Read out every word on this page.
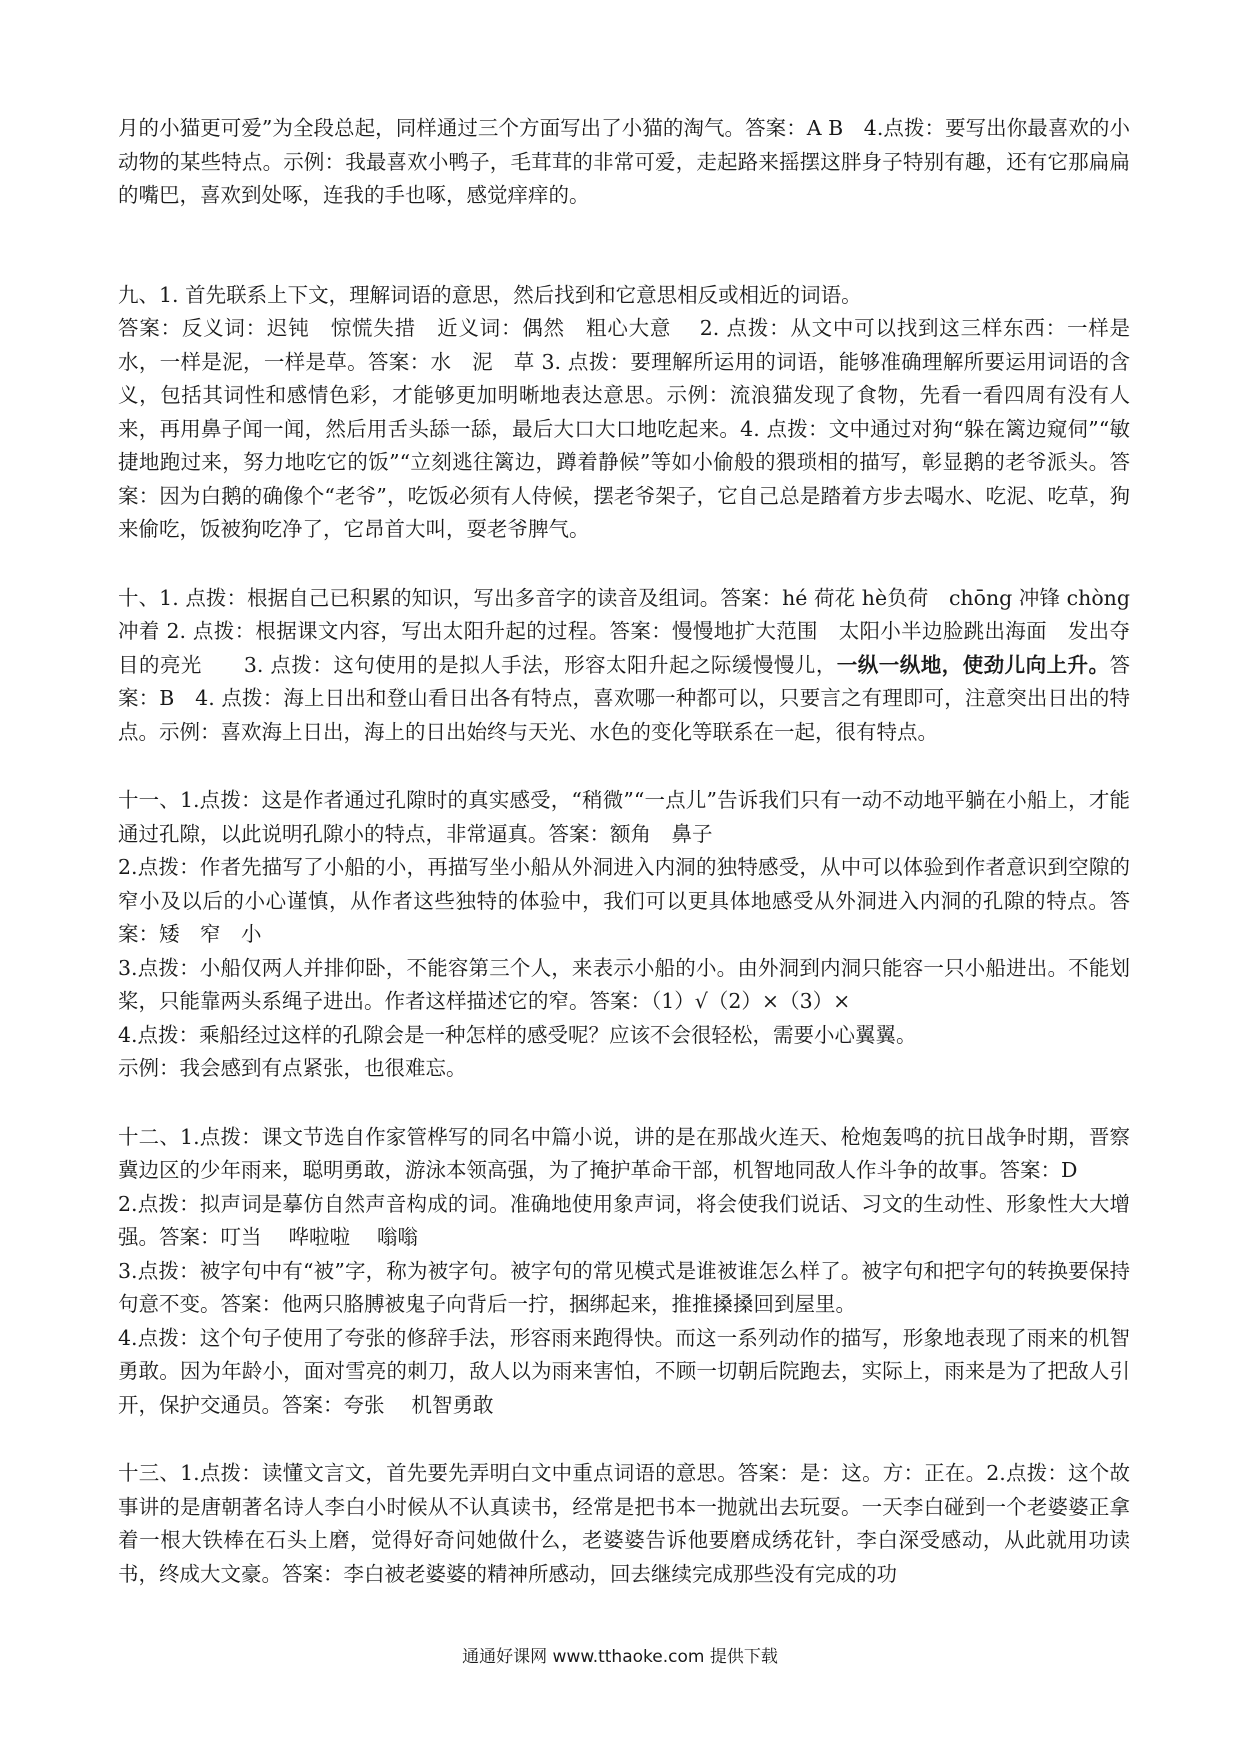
月的小猫更可爱”为全段总起，同样通过三个方面写出了小猫的淘气。答案：A B　4.点拨：要写出你最喜欢的小动物的某些特点。示例：我最喜欢小鸭子，毛茸茸的非常可爱，走起路来摇摆这胖身子特别有趣，还有它那扁扁的嘴巴，喜欢到处啄，连我的手也啄，感觉痒痒的。

九、1. 首先联系上下文，理解词语的意思，然后找到和它意思相反或相近的词语。

答案：反义词：迟钝　惊慌失措　近义词：偶然　粗心大意　 2. 点拨：从文中可以找到这三样东西：一样是水，一样是泥，一样是草。答案：水　泥　草 3. 点拨：要理解所运用的词语，能够准确理解所要运用词语的含义，包括其词性和感情色彩，才能够更加明晰地表达意思。示例：流浪猫发现了食物，先看一看四周有没有人来，再用鼻子闻一闻，然后用舌头舔一舔，最后大口大口地吃起来。4. 点拨：文中通过对狗“躲在篱边窥伺”“敏捷地跑过来，努力地吃它的饭”“立刻逃往篱边，蹲着静候”等如小偷般的猥琐相的描写，彰显鹅的老爷派头。答案：因为白鹅的确像个“老爷”，吃饭必须有人侍候，摆老爷架子，它自己总是踏着方步去喝水、吃泥、吃草，狗来偷吃，饭被狗吃净了，它昂首大叫，耍老爷脾气。

十、1. 点拨：根据自己已积累的知识，写出多音字的读音及组词。答案：hé 荷花 hè负荷　chōng 冲锋 chòng 冲着 2. 点拨：根据课文内容，写出太阳升起的过程。答案：慢慢地扩大范围　太阳小半边脸跳出海面　发出夺目的亮光　　3. 点拨：这句使用的是拟人手法，形容太阳升起之际缓慢慢儿，一纵一纵地，使劲儿向上升。答案：B　4. 点拨：海上日出和登山看日出各有特点，喜欢哪一种都可以，只要言之有理即可，注意突出日出的特点。示例：喜欢海上日出，海上的日出始终与天光、水色的变化等联系在一起，很有特点。

十一、1.点拨：这是作者通过孔隙时的真实感受，“稍微”“一点儿”告诉我们只有一动不动地平躺在小船上，才能通过孔隙，以此说明孔隙小的特点，非常逼真。答案：额角　鼻子

2.点拨：作者先描写了小船的小，再描写坐小船从外洞进入内洞的独特感受，从中可以体验到作者意识到空隙的窄小及以后的小心谨慎，从作者这些独特的体验中，我们可以更具体地感受从外洞进入内洞的孔隙的特点。答案：矮　窄　小

3.点拨：小船仅两人并排仰卧，不能容第三个人，来表示小船的小。由外洞到内洞只能容一只小船进出。不能划桨，只能靠两头系绳子进出。作者这样描述它的窄。答案：（1）√（2）×（3）×

4.点拨：乘船经过这样的孔隙会是一种怎样的感受呢？应该不会很轻松，需要小心翼翼。

示例：我会感到有点紧张，也很难忘。

十二、1.点拨：课文节选自作家管桦写的同名中篇小说，讲的是在那战火连天、枪炮轰鸣的抗日战争时期，晋察冀边区的少年雨来，聪明勇敢，游泳本领高强，为了掩护革命干部，机智地同敌人作斗争的故事。答案：D

2.点拨：拟声词是摹仿自然声音构成的词。准确地使用象声词，将会使我们说话、习文的生动性、形象性大大增强。答案：叮当　 哗啦啦　 嗡嗡

3.点拨：被字句中有“被”字，称为被字句。被字句的常见模式是谁被谁怎么样了。被字句和把字句的转换要保持句意不变。答案：他两只胳膊被鬼子向背后一拧，捆绑起来，推推搡搡回到屋里。

4.点拨：这个句子使用了夸张的修辞手法，形容雨来跑得快。而这一系列动作的描写，形象地表现了雨来的机智勇敢。因为年龄小，面对雪亮的刺刀，敌人以为雨来害怕，不顾一切朝后院跑去，实际上，雨来是为了把敌人引开，保护交通员。答案：夸张　 机智勇敢

十三、1.点拨：读懂文言文，首先要先弄明白文中重点词语的意思。答案：是：这。方：正在。2.点拨：这个故事讲的是唐朝著名诗人李白小时候从不认真读书，经常是把书本一抛就出去玩耍。一天李白碰到一个老婆婆正拿着一根大铁棒在石头上磨，觉得好奇问她做什么，老婆婆告诉他要磨成绣花针，李白深受感动，从此就用功读书，终成大文豪。答案：李白被老婆婆的精神所感动，回去继续完成那些没有完成的功

通通好课网 www.tthaoke.com 提供下载
